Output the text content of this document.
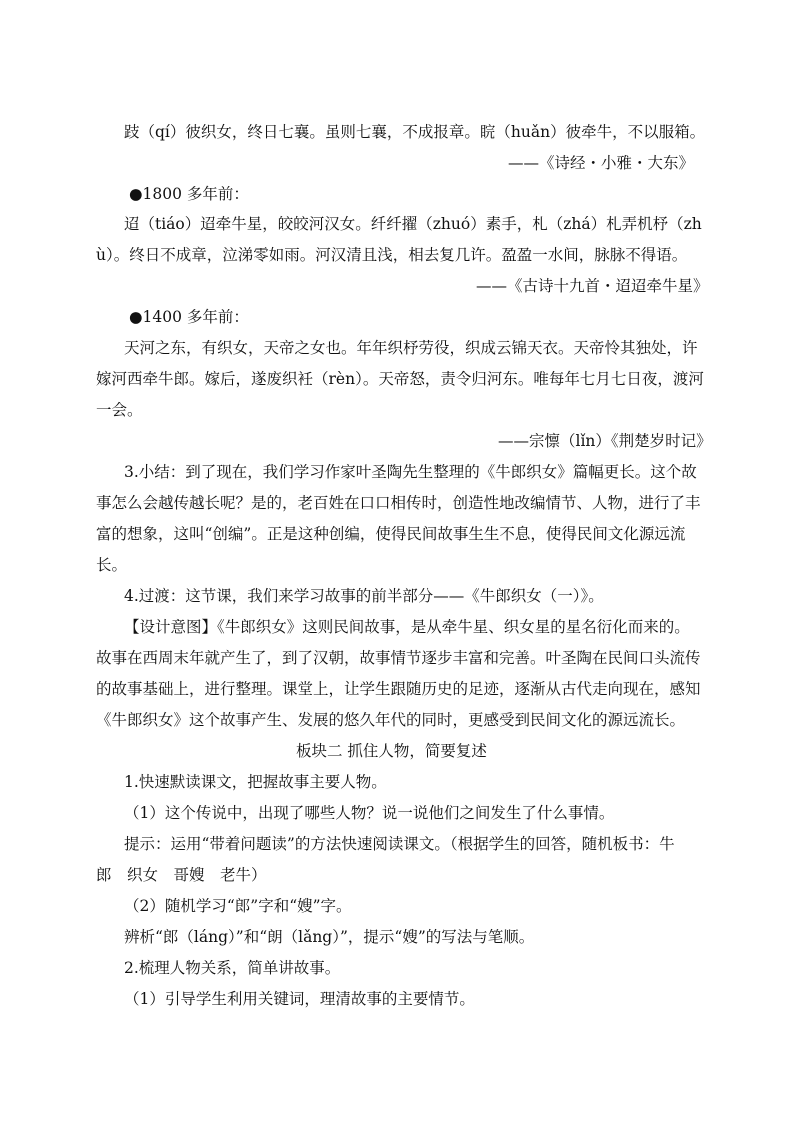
跂（qí）彼织女，终日七襄。虽则七襄，不成报章。睆（huǎn）彼牵牛，不以服箱。
——《诗经・小雅・大东》
●1800 多年前：
迢（tiáo）迢牵牛星，皎皎河汉女。纤纤擢（zhuó）素手，札（zhá）札弄机杼（zh
ù）。终日不成章，泣涕零如雨。河汉清且浅，相去复几许。盈盈一水间，脉脉不得语。
——《古诗十九首・迢迢牵牛星》
●1400 多年前：
天河之东，有织女，天帝之女也。年年织杼劳役，织成云锦天衣。天帝怜其独处，许
嫁河西牵牛郎。嫁后，遂废织衽（rèn）。天帝怒，责令归河东。唯每年七月七日夜，渡河
一会。
——宗懔（lǐn）《荆楚岁时记》
3.小结：到了现在，我们学习作家叶圣陶先生整理的《牛郎织女》篇幅更长。这个故
事怎么会越传越长呢？是的，老百姓在口口相传时，创造性地改编情节、人物，进行了丰
富的想象，这叫“创编”。正是这种创编，使得民间故事生生不息，使得民间文化源远流
长。
4.过渡：这节课，我们来学习故事的前半部分——《牛郎织女（一）》。
【设计意图】《牛郎织女》这则民间故事，是从牵牛星、织女星的星名衍化而来的。
故事在西周末年就产生了，到了汉朝，故事情节逐步丰富和完善。叶圣陶在民间口头流传
的故事基础上，进行整理。课堂上，让学生跟随历史的足迹，逐渐从古代走向现在，感知
《牛郎织女》这个故事产生、发展的悠久年代的同时，更感受到民间文化的源远流长。
板块二 抓住人物，简要复述
1.快速默读课文，把握故事主要人物。
（1）这个传说中，出现了哪些人物？说一说他们之间发生了什么事情。
提示：运用“带着问题读”的方法快速阅读课文。（根据学生的回答，随机板书：牛
郎　织女　哥嫂　老牛）
（2）随机学习“郎”字和“嫂”字。
辨析“郎（láng）”和“朗（lǎng）”，提示“嫂”的写法与笔顺。
2.梳理人物关系，简单讲故事。
（1）引导学生利用关键词，理清故事的主要情节。
